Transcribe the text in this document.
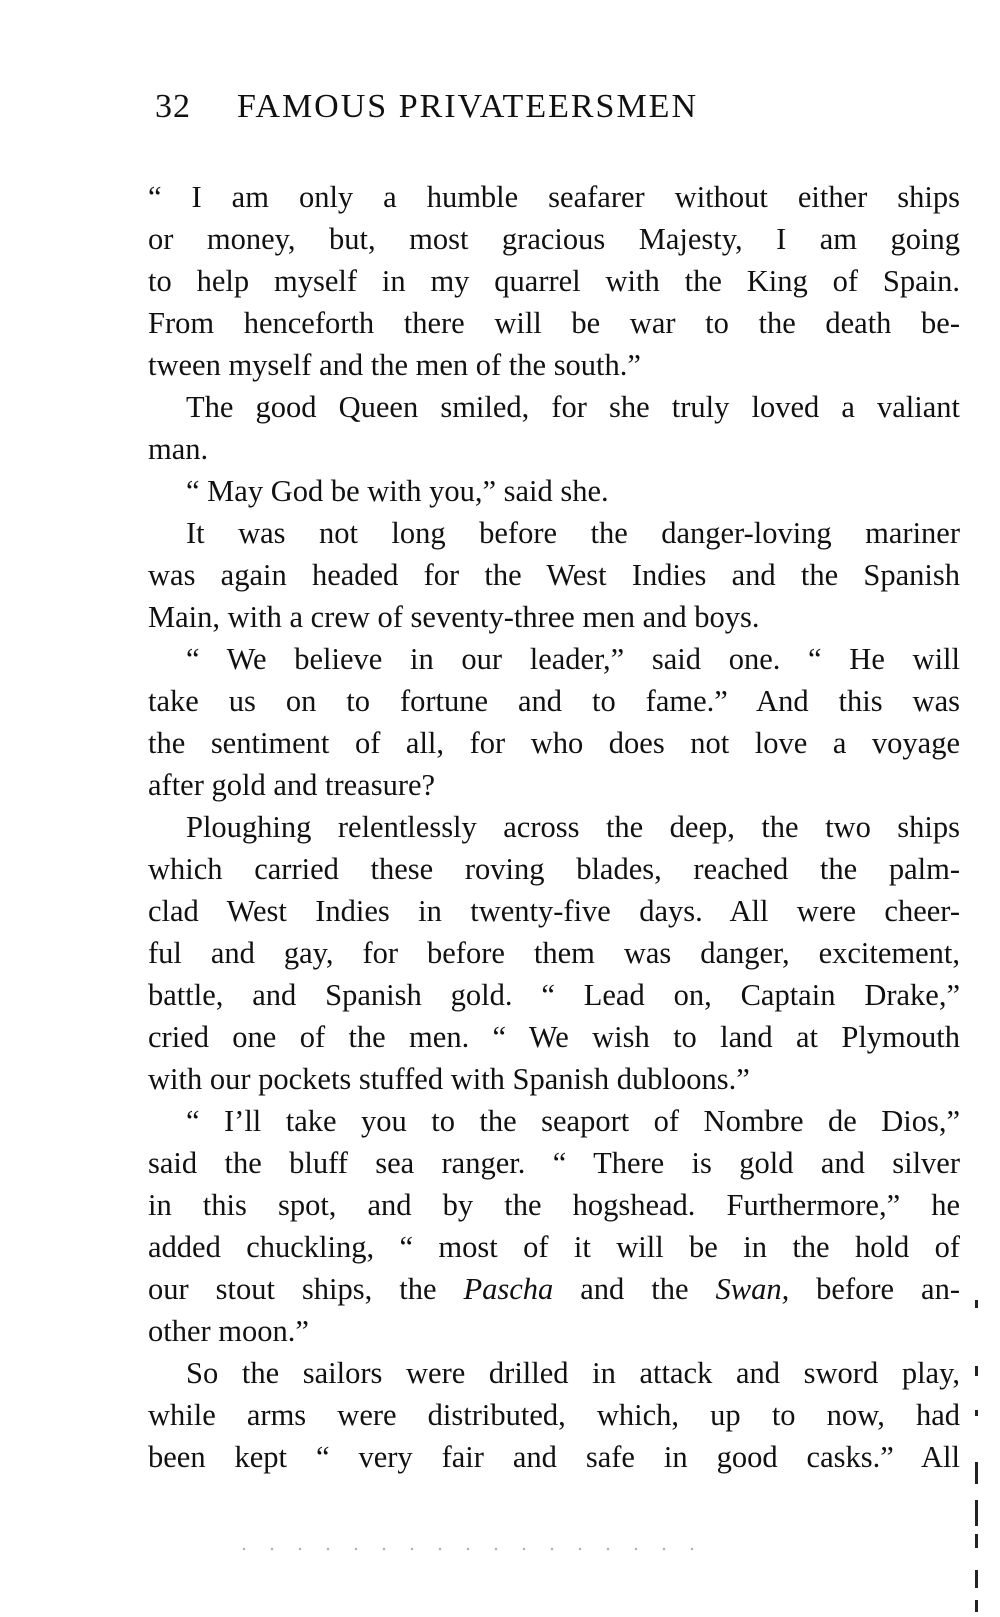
32 FAMOUS PRIVATEERSMEN
“ I am only a humble seafarer without either ships
or money, but, most gracious Majesty, I am going
to help myself in my quarrel with the King of Spain.
From henceforth there will be war to the death be-
tween myself and the men of the south.”
The good Queen smiled, for she truly loved a valiant
man.
“ May God be with you,” said she.
It was not long before the danger-loving mariner
was again headed for the West Indies and the Spanish
Main, with a crew of seventy-three men and boys.
“ We believe in our leader,” said one. “ He will
take us on to fortune and to fame.” And this was
the sentiment of all, for who does not love a voyage
after gold and treasure?
Ploughing relentlessly across the deep, the two ships
which carried these roving blades, reached the palm-
clad West Indies in twenty-five days. All were cheer-
ful and gay, for before them was danger, excitement,
battle, and Spanish gold. “ Lead on, Captain Drake,”
cried one of the men. “ We wish to land at Plymouth
with our pockets stuffed with Spanish dubloons.”
“ I’ll take you to the seaport of Nombre de Dios,”
said the bluff sea ranger. “ There is gold and silver
in this spot, and by the hogshead. Furthermore,” he
added chuckling, “ most of it will be in the hold of
our stout ships, the Pascha and the Swan, before an-
other moon.”
So the sailors were drilled in attack and sword play,
while arms were distributed, which, up to now, had
been kept “ very fair and safe in good casks.” All
